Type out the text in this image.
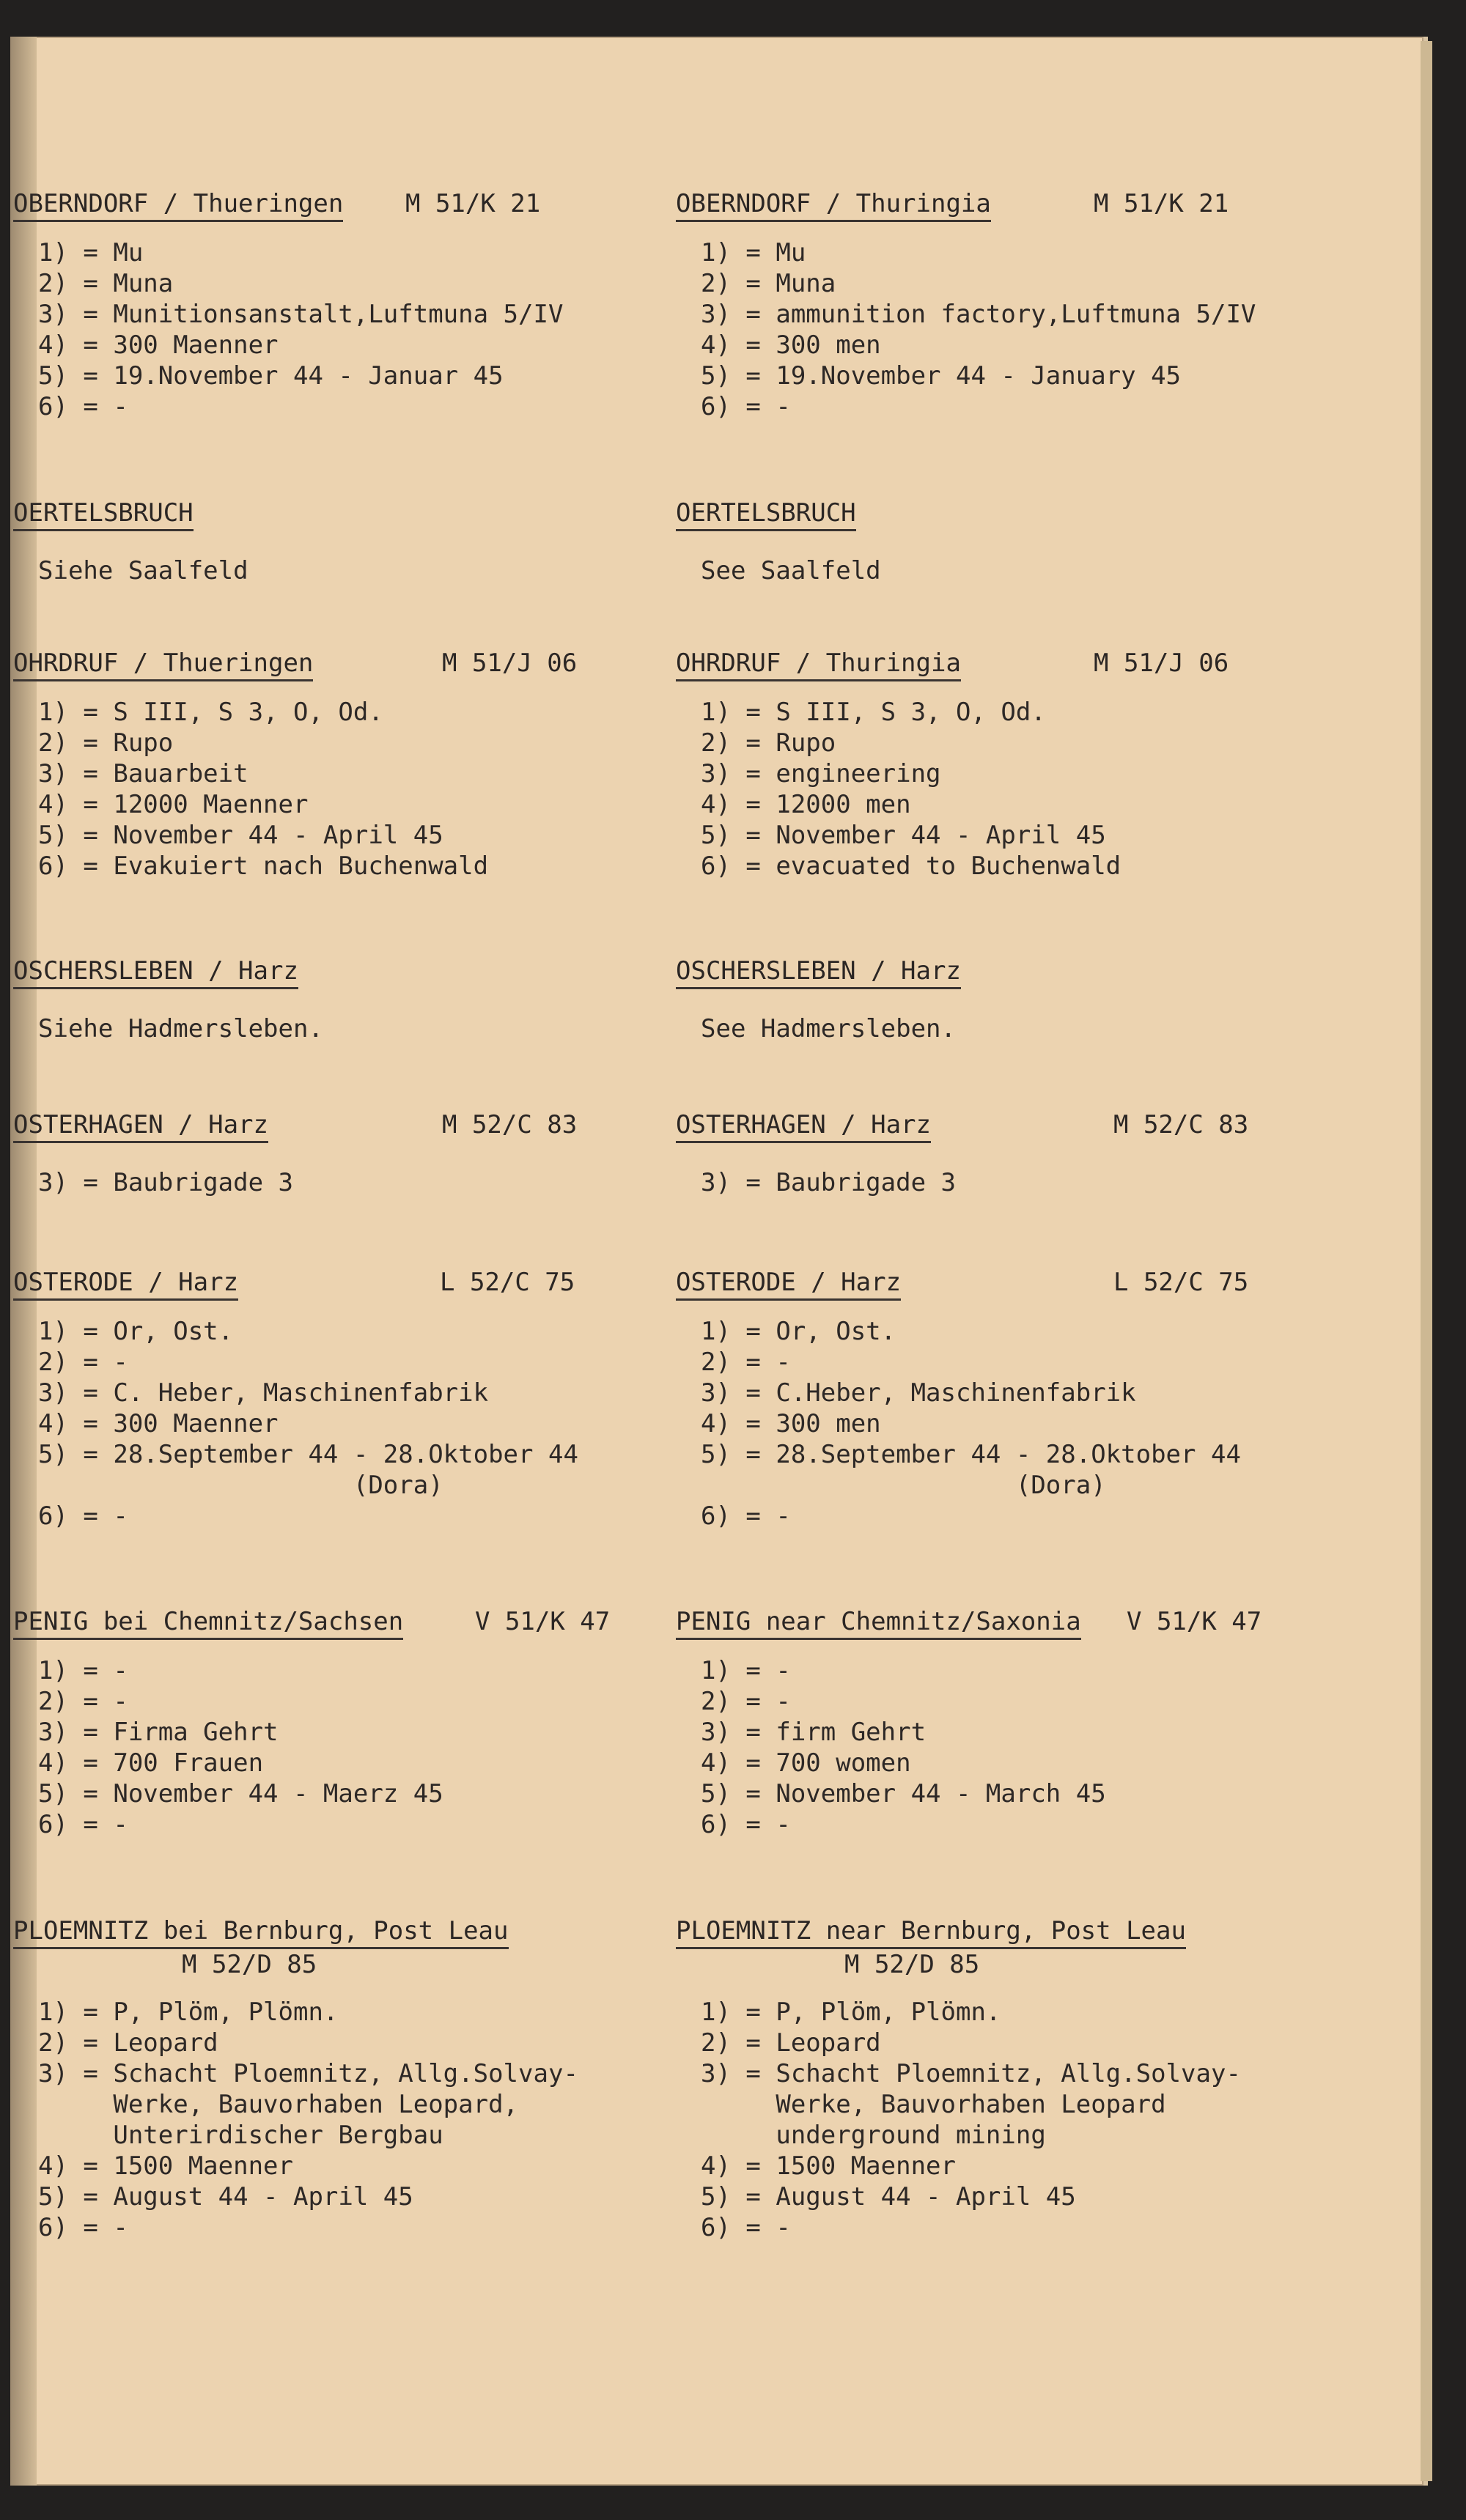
OBERNDORF / Thueringen M 51/K 21
1) = Mu
2) = Muna
3) = Munitionsanstalt,Luftmuna 5/IV
4) = 300 Maenner
5) = 19.November 44 - Januar 45
6) = -
OERTELSBRUCH
Siehe Saalfeld
OHRDRUF / Thueringen	M 51/J 06
1) = S III, S 3, O, Od.
2) = Rupo
3) = Bauarbeit
4) = 12000 Maenner
5) = November 44 - April 45
6) = Evakuiert nach Buchenwald
OSCHERSLEBEN / Harz
Siehe Hadmersleben.
OSTERHAGEN / Harz	M 52/C 83
3) = Baubrigade 3
OSTERODE / Harz	L 52/C 75
1) = Or, Ost.
2) = -
3) = C. Heber, Maschinenfabrik
4) = 300 Maenner
5) = 28.September 44 - 28.Oktober 44
(Dora)
6) = -
PENIG bei Chemnitz/Sachsen	V 51/K 47
1) = -
2) = -
3) = Firma Gehrt
4) = 700 Frauen
5) = November 44 - Maerz 45
6) = -
PLOEMNITZ bei Bernburg, Post Leau
M 52/D 85
1) = P, Plöm, Plömn.
2) = Leopard
3) = Schacht Ploemnitz, Allg.Solvay-
Werke, Bauvorhaben Leopard,
Unterirdischer Bergbau
4) = 1500 Maenner
5) = August 44 - April 45
6) = -
OBERNDORF / Thuringia	M 51/K 21
1) = Mu
2) = Muna
3) = ammunition factory,Luftmuna 5/IV
4) = 300 men
5) = 19.November 44 - January 45
6) = -
OERTELSBRUCH
See Saalfeld
OHRDRUF / Thuringia	M 51/J 06
1) = S III, S 3, O, Od.
2) = Rupo
3) = engineering
4) = 12000 men
5) = November 44 - April 45
6) = evacuated to Buchenwald
OSCHERSLEBEN / Harz
See Hadmersleben.
OSTERHAGEN / Harz	M 52/C 83
3) = Baubrigade 3
OSTERODE / Harz	L 52/C 75
1) = Or, Ost.
2) = -
3) = C.Heber, Maschinenfabrik
4) = 300 men
5) = 28.September 44 - 28.Oktober 44
(Dora)
6) = -
PENIG near Chemnitz/Saxonia V 51/K 47
1) = -
2) = -
3) = firm Gehrt
4) = 700 women
5) = November 44 - March 45
6) = -
PLOEMNITZ near Bernburg, Post Leau
M 52/D 85
1) = P, Plöm, Plömn.
2) = Leopard
3) = Schacht Ploemnitz, Allg.Solvay-
Werke, Bauvorhaben Leopard
underground mining
4) = 1500 Maenner
5) = August 44 - April 45
6) = -
